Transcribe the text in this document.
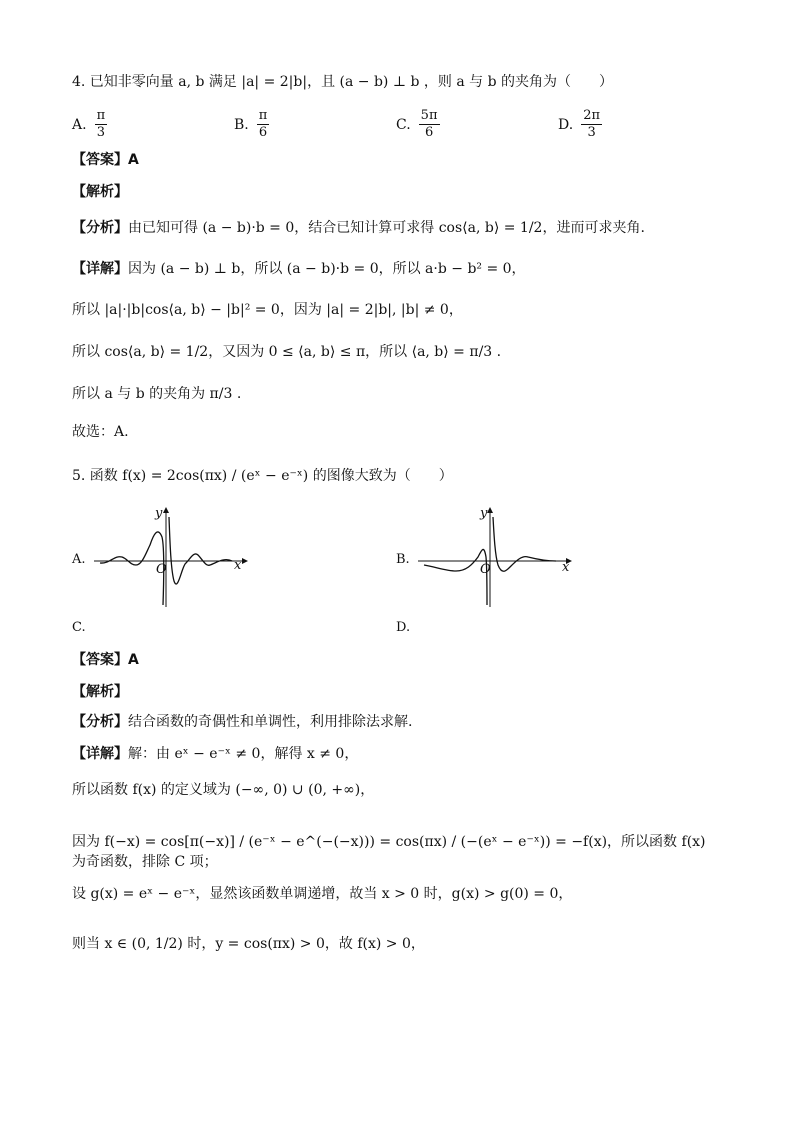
4. 已知非零向量 a, b 满足 |a| = 2|b|，且 (a − b) ⊥ b ，则 a 与 b 的夹角为（　　）
A. $\frac{\pi}{3}$	B. $\frac{\pi}{6}$	C. $\frac{5\pi}{6}$	D. $\frac{2\pi}{3}$
【答案】A
【解析】
【分析】由已知可得 (a − b)·b = 0，结合已知计算可求得 cos⟨a, b⟩ = 1/2，进而可求夹角.
【详解】因为 (a − b) ⊥ b，所以 (a − b)·b = 0，所以 a·b − b² = 0，
所以 |a|·|b|cos⟨a, b⟩ − |b|² = 0，因为 |a| = 2|b|, |b| ≠ 0，
所以 cos⟨a, b⟩ = 1/2，又因为 0 ≤ ⟨a, b⟩ ≤ π，所以 ⟨a, b⟩ = π/3 .
所以 a 与 b 的夹角为 π/3 .
故选：A.
5. 函数 f(x) = 2cos(πx) / (eˣ − e⁻ˣ) 的图像大致为（　　）
A.
O	x
y
B.
O	x
y
C.	D.
【答案】A
【解析】
【分析】结合函数的奇偶性和单调性，利用排除法求解.
【详解】解：由 eˣ − e⁻ˣ ≠ 0，解得 x ≠ 0，
所以函数 f(x) 的定义域为 (−∞, 0) ∪ (0, +∞)，
因为 f(−x) = cos[π(−x)] / (e⁻ˣ − e^(−(−x))) = cos(πx) / (−(eˣ − e⁻ˣ)) = −f(x)，所以函数 f(x) 为奇函数，排除 C 项；
设 g(x) = eˣ − e⁻ˣ，显然该函数单调递增，故当 x > 0 时，g(x) > g(0) = 0，
则当 x ∈ (0, 1/2) 时，y = cos(πx) > 0，故 f(x) > 0，
